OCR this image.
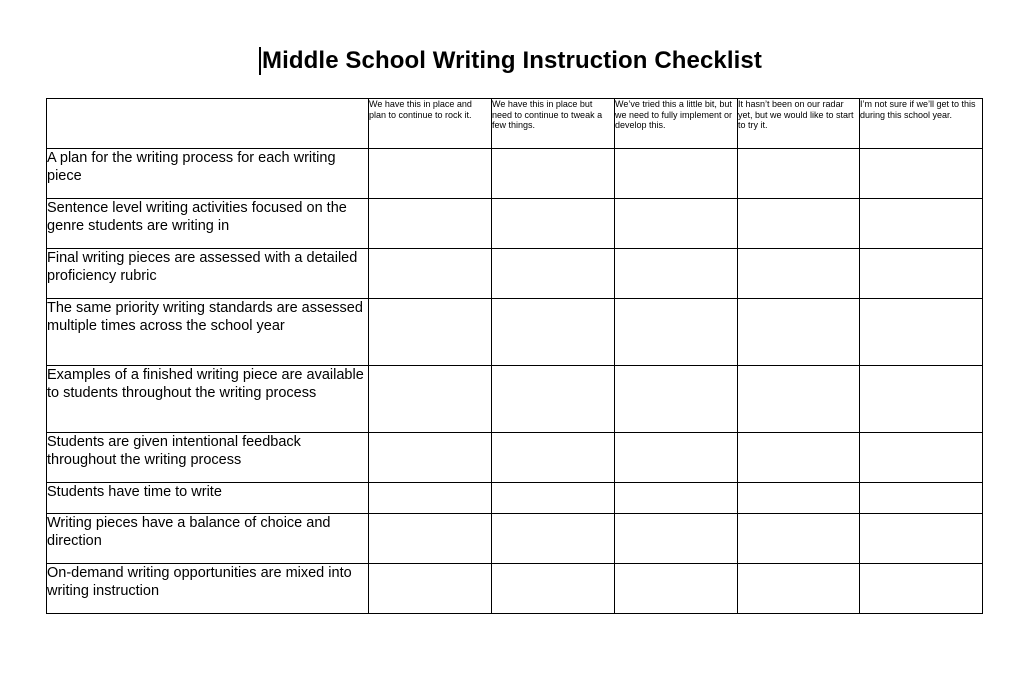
Middle School Writing Instruction Checklist
	We have this in place and plan to continue to rock it.	We have this in place but need to continue to tweak a few things.	We’ve tried this a little bit, but we need to fully implement or develop this.	It hasn’t been on our radar yet, but we would like to start to try it.	I’m not sure if we’ll get to this during this school year.
A plan for the writing process for each writing piece					
Sentence level writing activities focused on the genre students are writing in					
Final writing pieces are assessed with a detailed proficiency rubric					
The same priority writing standards are assessed multiple times across the school year					
Examples of a finished writing piece are available to students throughout the writing process					
Students are given intentional feedback throughout the writing process					
Students have time to write					
Writing pieces have a balance of choice and direction					
On-demand writing opportunities are mixed into writing instruction					
